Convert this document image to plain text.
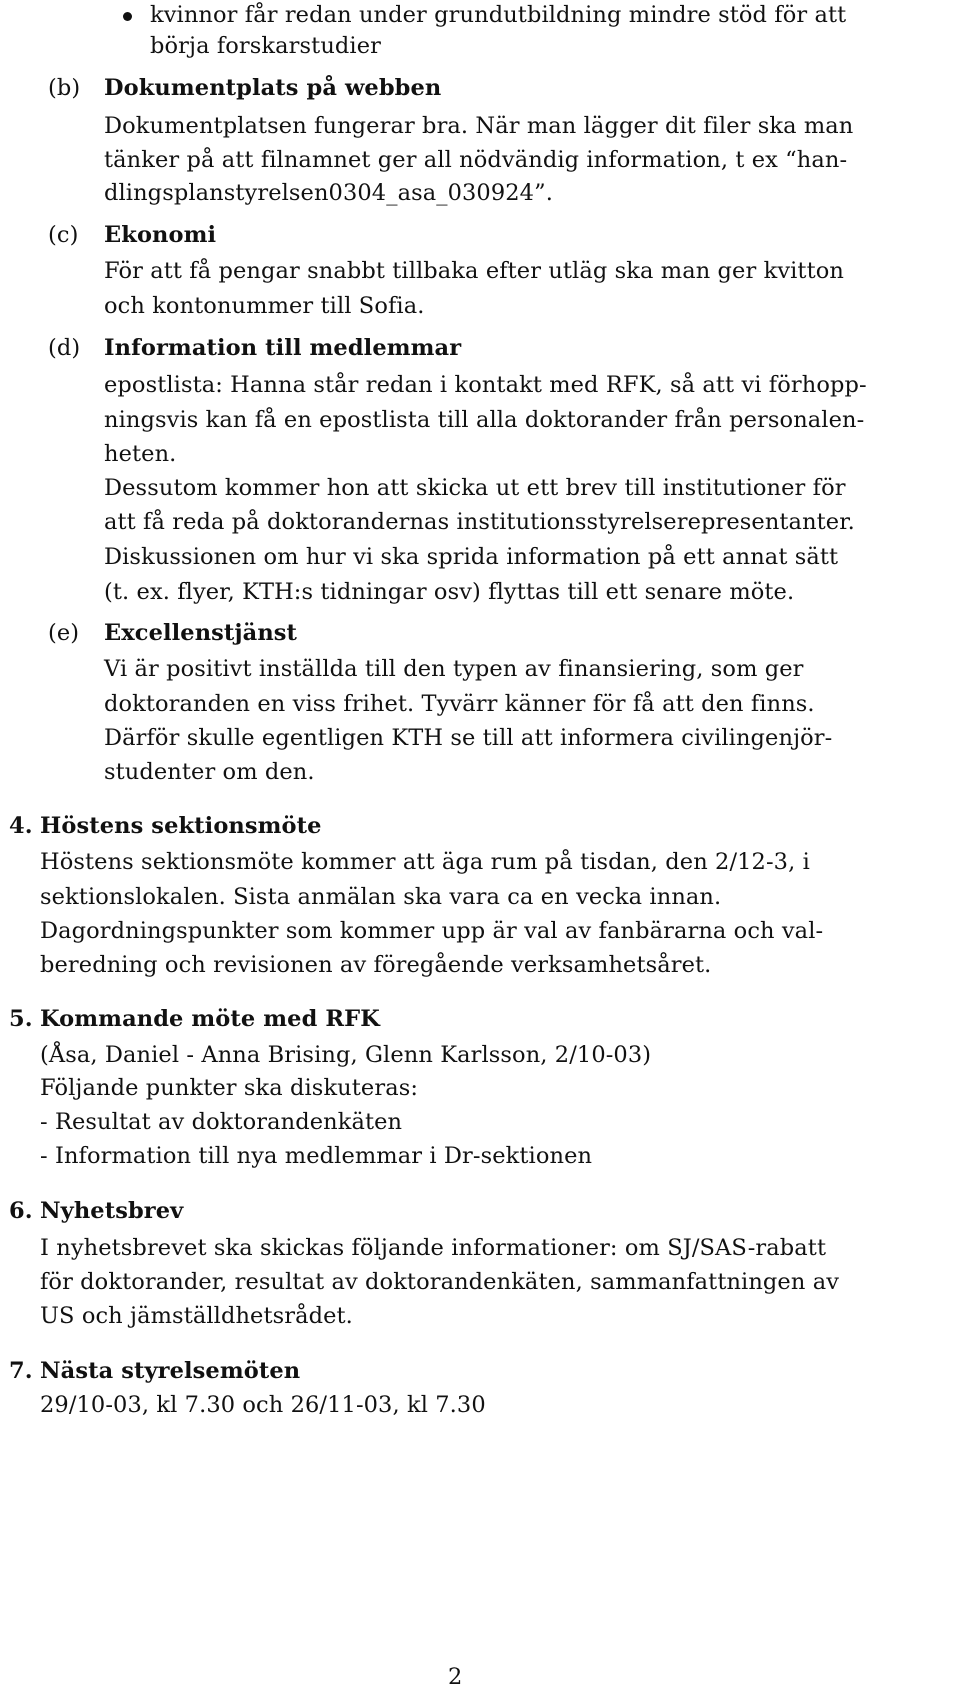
kvinnor får redan under grundutbildning mindre stöd för att
börja forskarstudier
(b) Dokumentplats på webben
Dokumentplatsen fungerar bra. När man lägger dit filer ska man
tänker på att filnamnet ger all nödvändig information, t ex “han-
dlingsplanstyrelsen0304_asa_030924”.
(c) Ekonomi
För att få pengar snabbt tillbaka efter utläg ska man ger kvitton
och kontonummer till Sofia.
(d) Information till medlemmar
epostlista: Hanna står redan i kontakt med RFK, så att vi förhopp-
ningsvis kan få en epostlista till alla doktorander från personalen-
heten.
Dessutom kommer hon att skicka ut ett brev till institutioner för
att få reda på doktorandernas institutionsstyrelserepresentanter.
Diskussionen om hur vi ska sprida information på ett annat sätt
(t. ex. flyer, KTH:s tidningar osv) flyttas till ett senare möte.
(e) Excellenstjänst
Vi är positivt inställda till den typen av finansiering, som ger
doktoranden en viss frihet. Tyvärr känner för få att den finns.
Därför skulle egentligen KTH se till att informera civilingenjör-
studenter om den.
4. Höstens sektionsmöte
Höstens sektionsmöte kommer att äga rum på tisdan, den 2/12-3, i
sektionslokalen. Sista anmälan ska vara ca en vecka innan.
Dagordningspunkter som kommer upp är val av fanbärarna och val-
beredning och revisionen av föregående verksamhetsåret.
5. Kommande möte med RFK
(Åsa, Daniel - Anna Brising, Glenn Karlsson, 2/10-03)
Följande punkter ska diskuteras:
- Resultat av doktorandenkäten
- Information till nya medlemmar i Dr-sektionen
6. Nyhetsbrev
I nyhetsbrevet ska skickas följande informationer: om SJ/SAS-rabatt
för doktorander, resultat av doktorandenkäten, sammanfattningen av
US och jämställdhetsrådet.
7. Nästa styrelsemöten
29/10-03, kl 7.30 och 26/11-03, kl 7.30
2
